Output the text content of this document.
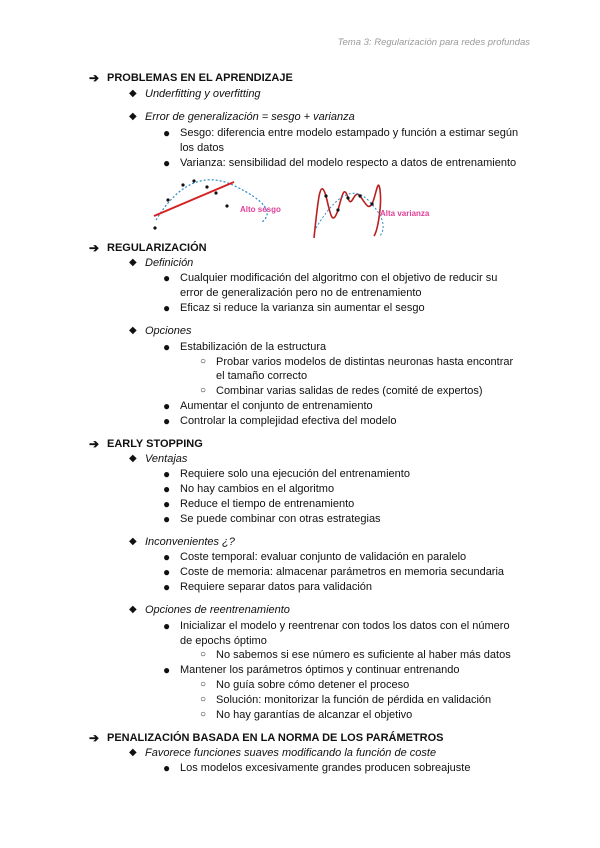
Tema 3: Regularización para redes profundas
➔ PROBLEMAS EN EL APRENDIZAJE
◆ Underfitting y overfitting
◆ Error de generalización = sesgo + varianza
● Sesgo: diferencia entre modelo estampado y función a estimar según
los datos
● Varianza: sensibilidad del modelo respecto a datos de entrenamiento
Alto sesgo	Alta varianza
➔ REGULARIZACIÓN
◆ Definición
● Cualquier modificación del algoritmo con el objetivo de reducir su
error de generalización pero no de entrenamiento
● Eficaz si reduce la varianza sin aumentar el sesgo
◆ Opciones
● Estabilización de la estructura
○ Probar varios modelos de distintas neuronas hasta encontrar
el tamaño correcto
○ Combinar varias salidas de redes (comité de expertos)
● Aumentar el conjunto de entrenamiento
● Controlar la complejidad efectiva del modelo
➔ EARLY STOPPING
◆ Ventajas
● Requiere solo una ejecución del entrenamiento
● No hay cambios en el algoritmo
● Reduce el tiempo de entrenamiento
● Se puede combinar con otras estrategias
◆ Inconvenientes ¿?
● Coste temporal: evaluar conjunto de validación en paralelo
● Coste de memoria: almacenar parámetros en memoria secundaria
● Requiere separar datos para validación
◆ Opciones de reentrenamiento
● Inicializar el modelo y reentrenar con todos los datos con el número
de epochs óptimo
○ No sabemos si ese número es suficiente al haber más datos
● Mantener los parámetros óptimos y continuar entrenando
○ No guía sobre cómo detener el proceso
○ Solución: monitorizar la función de pérdida en validación
○ No hay garantías de alcanzar el objetivo
➔ PENALIZACIÓN BASADA EN LA NORMA DE LOS PARÁMETROS
◆ Favorece funciones suaves modificando la función de coste
● Los modelos excesivamente grandes producen sobreajuste
